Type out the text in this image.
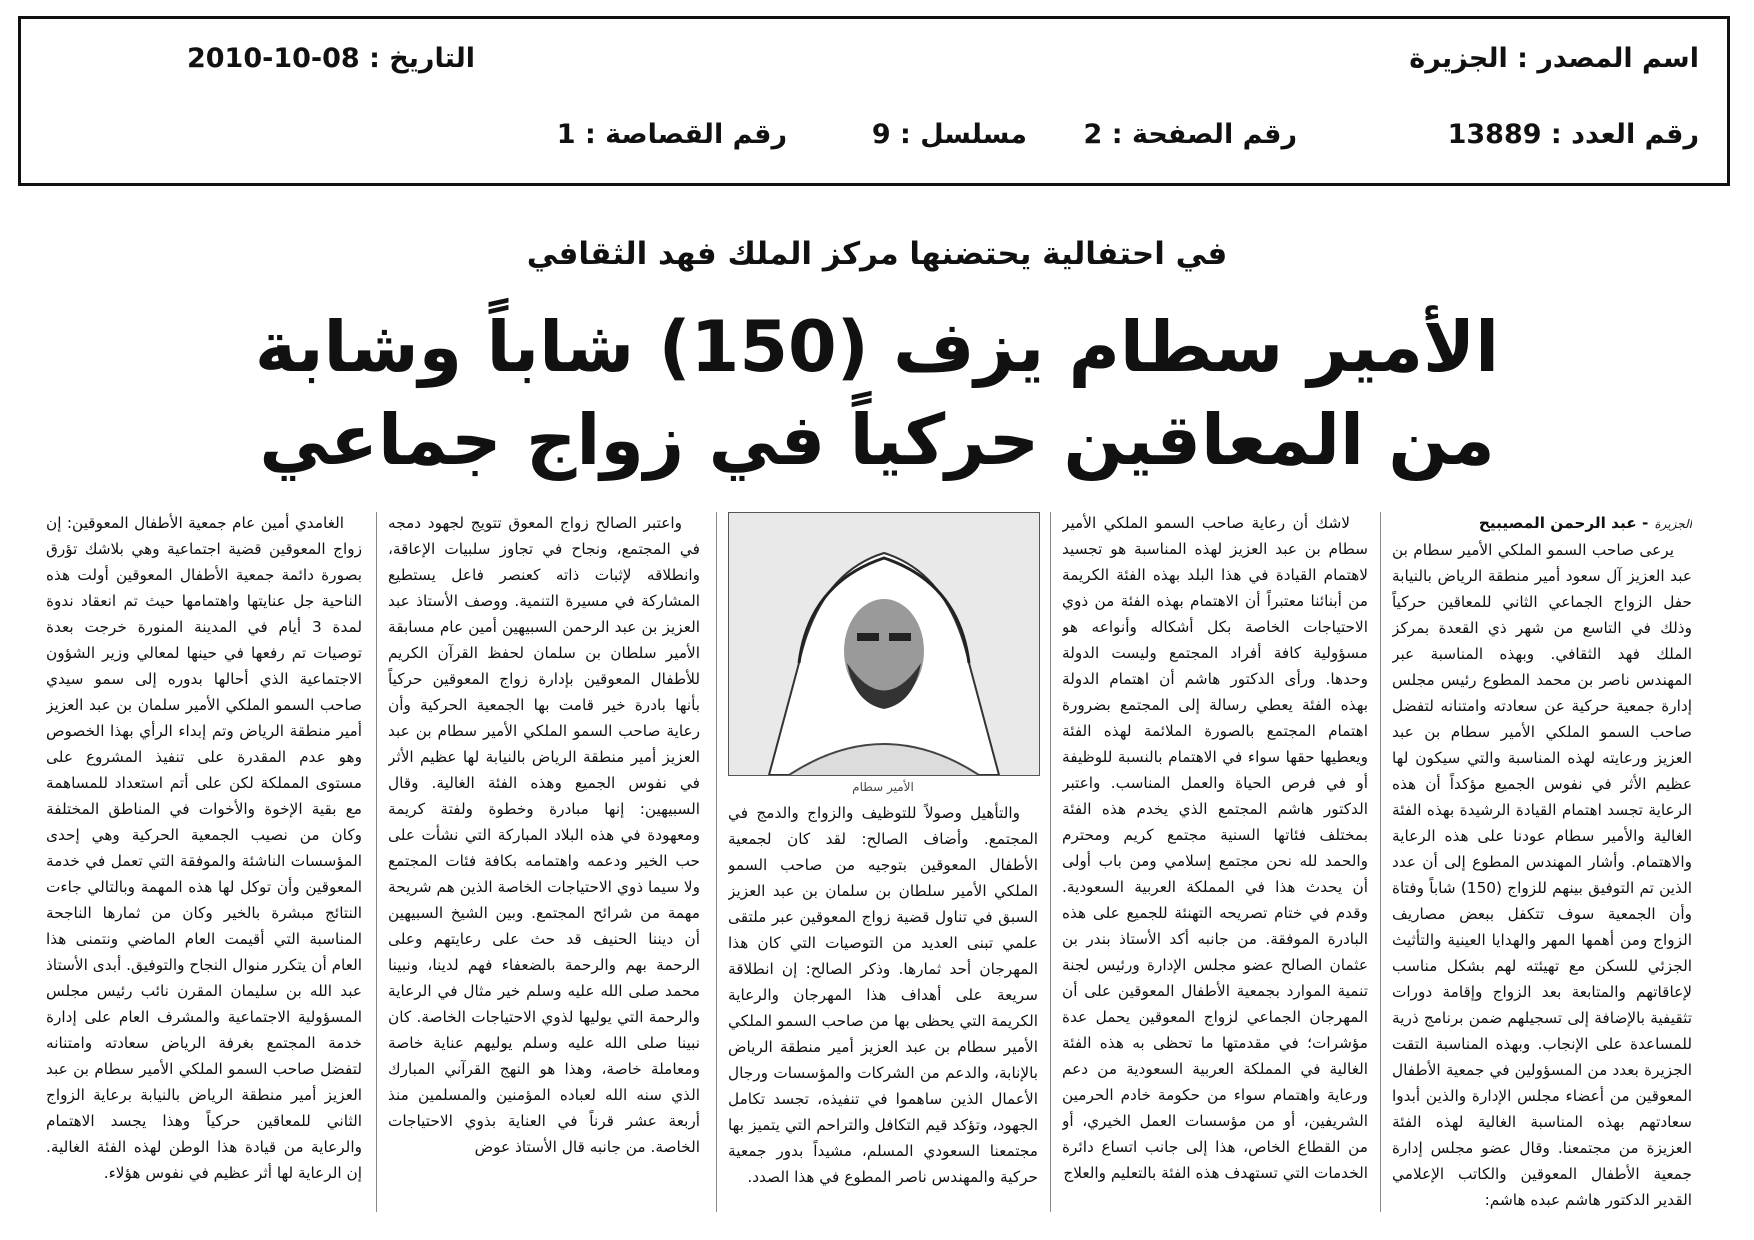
اسم المصدر : الجزيرة
التاريخ : 08-10-2010
رقم العدد : 13889
رقم الصفحة : 2
مسلسل : 9
رقم القصاصة : 1
في احتفالية يحتضنها مركز الملك فهد الثقافي
الأمير سطام يزف (150) شاباً وشابة
من المعاقين حركياً في زواج جماعي

الجزيرة- عبد الرحمن المصيبيح

يرعى صاحب السمو الملكي الأمير سطام بن عبد العزيز آل سعود أمير منطقة الرياض بالنيابة حفل الزواج الجماعي الثاني للمعاقين حركياً وذلك في التاسع من شهر ذي القعدة بمركز الملك فهد الثقافي. وبهذه المناسبة عبر المهندس ناصر بن محمد المطوع رئيس مجلس إدارة جمعية حركية عن سعادته وامتنانه لتفضل صاحب السمو الملكي الأمير سطام بن عبد العزيز ورعايته لهذه المناسبة والتي سيكون لها عظيم الأثر في نفوس الجميع مؤكداً أن هذه الرعاية تجسد اهتمام القيادة الرشيدة بهذه الفئة الغالية والأمير سطام عودنا على هذه الرعاية والاهتمام. وأشار المهندس المطوع إلى أن عدد الذين تم التوفيق بينهم للزواج (150) شاباً وفتاة وأن الجمعية سوف تتكفل ببعض مصاريف الزواج ومن أهمها المهر والهدايا العينية والتأثيث الجزئي للسكن مع تهيئته لهم بشكل مناسب لإعاقاتهم والمتابعة بعد الزواج وإقامة دورات تثقيفية بالإضافة إلى تسجيلهم ضمن برنامج ذرية للمساعدة على الإنجاب. وبهذه المناسبة التقت الجزيرة بعدد من المسؤولين في جمعية الأطفال المعوقين من أعضاء مجلس الإدارة والذين أبدوا سعادتهم بهذه المناسبة الغالية لهذه الفئة العزيزة من مجتمعنا. وقال عضو مجلس إدارة جمعية الأطفال المعوقين والكاتب الإعلامي القدير الدكتور هاشم عبده هاشم:

لاشك أن رعاية صاحب السمو الملكي الأمير سطام بن عبد العزيز لهذه المناسبة هو تجسيد لاهتمام القيادة في هذا البلد بهذه الفئة الكريمة من أبنائنا معتبراً أن الاهتمام بهذه الفئة من ذوي الاحتياجات الخاصة بكل أشكاله وأنواعه هو مسؤولية كافة أفراد المجتمع وليست الدولة وحدها. ورأى الدكتور هاشم أن اهتمام الدولة بهذه الفئة يعطي رسالة إلى المجتمع بضرورة اهتمام المجتمع بالصورة الملائمة لهذه الفئة ويعطيها حقها سواء في الاهتمام بالنسبة للوظيفة أو في فرص الحياة والعمل المناسب. واعتبر الدكتور هاشم المجتمع الذي يخدم هذه الفئة بمختلف فئاتها السنية مجتمع كريم ومحترم والحمد لله نحن مجتمع إسلامي ومن باب أولى أن يحدث هذا في المملكة العربية السعودية. وقدم في ختام تصريحه التهنئة للجميع على هذه البادرة الموفقة. من جانبه أكد الأستاذ بندر بن عثمان الصالح عضو مجلس الإدارة ورئيس لجنة تنمية الموارد بجمعية الأطفال المعوقين على أن المهرجان الجماعي لزواج المعوقين يحمل عدة مؤشرات؛ في مقدمتها ما تحظى به هذه الفئة الغالية في المملكة العربية السعودية من دعم ورعاية واهتمام سواء من حكومة خادم الحرمين الشريفين، أو من مؤسسات العمل الخيري، أو من القطاع الخاص، هذا إلى جانب اتساع دائرة الخدمات التي تستهدف هذه الفئة بالتعليم والعلاج

الأمير سطام

والتأهيل وصولاً للتوظيف والزواج والدمج في المجتمع. وأضاف الصالح: لقد كان لجمعية الأطفال المعوقين بتوجيه من صاحب السمو الملكي الأمير سلطان بن سلمان بن عبد العزيز السبق في تناول قضية زواج المعوقين عبر ملتقى علمي تبنى العديد من التوصيات التي كان هذا المهرجان أحد ثمارها. وذكر الصالح: إن انطلاقة سريعة على أهداف هذا المهرجان والرعاية الكريمة التي يحظى بها من صاحب السمو الملكي الأمير سطام بن عبد العزيز أمير منطقة الرياض بالإنابة، والدعم من الشركات والمؤسسات ورجال الأعمال الذين ساهموا في تنفيذه، تجسد تكامل الجهود، وتؤكد قيم التكافل والتراحم التي يتميز بها مجتمعنا السعودي المسلم، مشيداً بدور جمعية حركية والمهندس ناصر المطوع في هذا الصدد.

واعتبر الصالح زواج المعوق تتويج لجهود دمجه في المجتمع، ونجاح في تجاوز سلبيات الإعاقة، وانطلاقه لإثبات ذاته كعنصر فاعل يستطيع المشاركة في مسيرة التنمية. ووصف الأستاذ عبد العزيز بن عبد الرحمن السبيهين أمين عام مسابقة الأمير سلطان بن سلمان لحفظ القرآن الكريم للأطفال المعوقين بإدارة زواج المعوقين حركياً بأنها بادرة خير قامت بها الجمعية الحركية وأن رعاية صاحب السمو الملكي الأمير سطام بن عبد العزيز أمير منطقة الرياض بالنيابة لها عظيم الأثر في نفوس الجميع وهذه الفئة الغالية. وقال السبيهين: إنها مبادرة وخطوة ولفتة كريمة ومعهودة في هذه البلاد المباركة التي نشأت على حب الخير ودعمه واهتمامه بكافة فئات المجتمع ولا سيما ذوي الاحتياجات الخاصة الذين هم شريحة مهمة من شرائح المجتمع. وبين الشيخ السبيهين أن ديننا الحنيف قد حث على رعايتهم وعلى الرحمة بهم والرحمة بالضعفاء فهم لدينا، ونبينا محمد صلى الله عليه وسلم خير مثال في الرعاية والرحمة التي يوليها لذوي الاحتياجات الخاصة. كان نبينا صلى الله عليه وسلم يوليهم عناية خاصة ومعاملة خاصة، وهذا هو النهج القرآني المبارك الذي سنه الله لعباده المؤمنين والمسلمين منذ أربعة عشر قرناً في العناية بذوي الاحتياجات الخاصة. من جانبه قال الأستاذ عوض

الغامدي أمين عام جمعية الأطفال المعوقين: إن زواج المعوقين قضية اجتماعية وهي بلاشك تؤرق بصورة دائمة جمعية الأطفال المعوقين أولت هذه الناحية جل عنايتها واهتمامها حيث تم انعقاد ندوة لمدة 3 أيام في المدينة المنورة خرجت بعدة توصيات تم رفعها في حينها لمعالي وزير الشؤون الاجتماعية الذي أحالها بدوره إلى سمو سيدي صاحب السمو الملكي الأمير سلمان بن عبد العزيز أمير منطقة الرياض وتم إبداء الرأي بهذا الخصوص وهو عدم المقدرة على تنفيذ المشروع على مستوى المملكة لكن على أتم استعداد للمساهمة مع بقية الإخوة والأخوات في المناطق المختلفة وكان من نصيب الجمعية الحركية وهي إحدى المؤسسات الناشئة والموفقة التي تعمل في خدمة المعوقين وأن توكل لها هذه المهمة وبالتالي جاءت النتائج مبشرة بالخير وكان من ثمارها الناجحة المناسبة التي أقيمت العام الماضي ونتمنى هذا العام أن يتكرر منوال النجاح والتوفيق. أبدى الأستاذ عبد الله بن سليمان المقرن نائب رئيس مجلس المسؤولية الاجتماعية والمشرف العام على إدارة خدمة المجتمع بغرفة الرياض سعادته وامتنانه لتفضل صاحب السمو الملكي الأمير سطام بن عبد العزيز أمير منطقة الرياض بالنيابة برعاية الزواج الثاني للمعاقين حركياً وهذا يجسد الاهتمام والرعاية من قيادة هذا الوطن لهذه الفئة الغالية. إن الرعاية لها أثر عظيم في نفوس هؤلاء.
